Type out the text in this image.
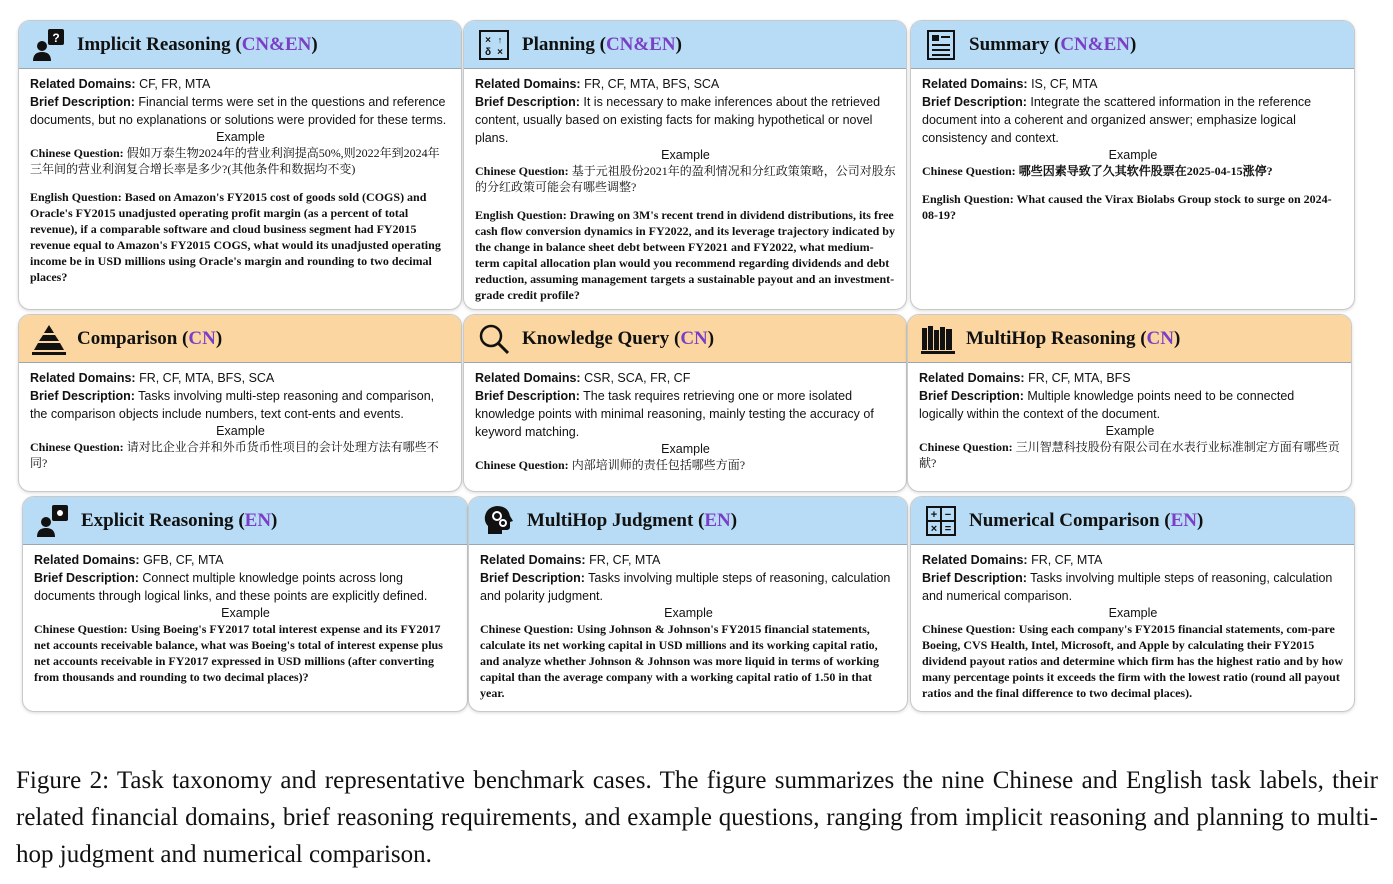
? Implicit Reasoning (CN&EN)
Related Domains: CF, FR, MTA
Brief Description: Financial terms were set in the questions and reference documents, but no explanations or solutions were provided for these terms.
Example
Chinese Question: 假如万泰生物2024年的营业利润提高50%,则2022年到2024年三年间的营业利润复合增长率是多少?(其他条件和数据均不变)
English Question: Based on Amazon's FY2015 cost of goods sold (COGS) and Oracle's FY2015 unadjusted operating profit margin (as a percent of total revenue), if a comparable software and cloud business segment had FY2015 revenue equal to Amazon's FY2015 COGS, what would its unadjusted operating income be in USD millions using Oracle's margin and rounding to two decimal places?
× ↑
δ × Planning (CN&EN)
Related Domains: FR, CF, MTA, BFS, SCA
Brief Description: It is necessary to make inferences about the retrieved content, usually based on existing facts for making hypothetical or novel plans.
Example
Chinese Question: 基于元祖股份2021年的盈利情况和分红政策策略，公司对股东的分红政策可能会有哪些调整?
English Question: Drawing on 3M's recent trend in dividend distributions, its free cash flow conversion dynamics in FY2022, and its leverage trajectory indicated by the change in balance sheet debt between FY2021 and FY2022, what medium-term capital allocation plan would you recommend regarding dividends and debt reduction, assuming management targets a sustainable payout and an investment-grade credit profile?
Summary (CN&EN)
Related Domains: IS, CF, MTA
Brief Description: Integrate the scattered information in the reference document into a coherent and organized answer; emphasize logical consistency and context.
Example
Chinese Question: 哪些因素导致了久其软件股票在2025-04-15涨停?
English Question: What caused the Virax Biolabs Group stock to surge on 2024-08-19?
Comparison (CN)
Related Domains: FR, CF, MTA, BFS, SCA
Brief Description: Tasks involving multi-step reasoning and comparison, the comparison objects include numbers, text cont-ents and events.
Example
Chinese Question: 请对比企业合并和外币货币性项目的会计处理方法有哪些不同?
Knowledge Query (CN)
Related Domains: CSR, SCA, FR, CF
Brief Description: The task requires retrieving one or more isolated knowledge points with minimal reasoning, mainly testing the accuracy of keyword matching.
Example
Chinese Question: 内部培训师的责任包括哪些方面?
MultiHop Reasoning (CN)
Related Domains: FR, CF, MTA, BFS
Brief Description: Multiple knowledge points need to be connected logically within the context of the document.
Example
Chinese Question: 三川智慧科技股份有限公司在水表行业标准制定方面有哪些贡献?
Explicit Reasoning (EN)
Related Domains: GFB, CF, MTA
Brief Description: Connect multiple knowledge points across long documents through logical links, and these points are explicitly defined.
Example
Chinese Question: Using Boeing's FY2017 total interest expense and its FY2017 net accounts receivable balance, what was Boeing's total of interest expense plus net accounts receivable in FY2017 expressed in USD millions (after converting from thousands and rounding to two decimal places)?
MultiHop Judgment (EN)
Related Domains: FR, CF, MTA
Brief Description: Tasks involving multiple steps of reasoning, calculation and polarity judgment.
Example
Chinese Question: Using Johnson & Johnson's FY2015 financial statements, calculate its net working capital in USD millions and its working capital ratio, and analyze whether Johnson & Johnson was more liquid in terms of working capital than the average company with a working capital ratio of 1.50 in that year.
+ −
× = Numerical Comparison (EN)
Related Domains: FR, CF, MTA
Brief Description: Tasks involving multiple steps of reasoning, calculation and numerical comparison.
Example
Chinese Question: Using each company's FY2015 financial statements, com-pare Boeing, CVS Health, Intel, Microsoft, and Apple by calculating their FY2015 dividend payout ratios and determine which firm has the highest ratio and by how many percentage points it exceeds the firm with the lowest ratio (round all payout ratios and the final difference to two decimal places).
Figure 2: Task taxonomy and representative benchmark cases. The figure summarizes the nine Chinese and English task labels, their related financial domains, brief reasoning requirements, and example questions, ranging from implicit reasoning and planning to multi-hop judgment and numerical comparison.
